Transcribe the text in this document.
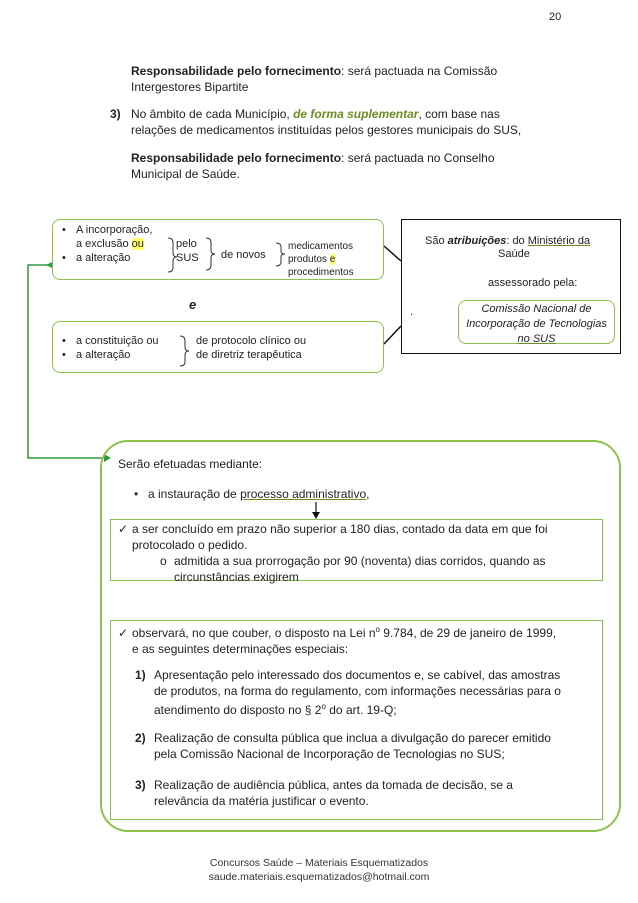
20
Responsabilidade pelo fornecimento: será pactuada na Comissão
Intergestores Bipartite
3) No âmbito de cada Município, de forma suplementar, com base nas
relações de medicamentos instituídas pelos gestores municipais do SUS,
Responsabilidade pelo fornecimento: será pactuada no Conselho
Municipal de Saúde.
• A incorporação,
a exclusão ou
• a alteração
pelo
SUS de novos
medicamentos
produtos e
procedimentos
e
• a constituição ou
• a alteração
de protocolo clínico ou
de diretriz terapêutica
São atribuições: do Ministério da
Saúde
assessorado pela:
.	Comissão Nacional de
Incorporação de Tecnologias
no SUS
Serão efetuadas mediante:
• a instauração de processo administrativo,
✓ a ser concluído em prazo não superior a 180 dias, contado da data em que foi
protocolado o pedido.
o admitida a sua prorrogação por 90 (noventa) dias corridos, quando as
circunstâncias exigirem
✓ observará, no que couber, o disposto na Lei $n^o$ 9.784, de 29 de janeiro de 1999,
e as seguintes determinações especiais:
1) Apresentação pelo interessado dos documentos e, se cabível, das amostras
de produtos, na forma do regulamento, com informações necessárias para o
atendimento do disposto no § 2$^o$ do art. 19-Q;
2) Realização de consulta pública que inclua a divulgação do parecer emitido
pela Comissão Nacional de Incorporação de Tecnologias no SUS;
3) Realização de audiência pública, antes da tomada de decisão, se a
relevância da matéria justificar o evento.
Concursos Saúde – Materiais Esquematizados
saude.materiais.esquematizados@hotmail.com
